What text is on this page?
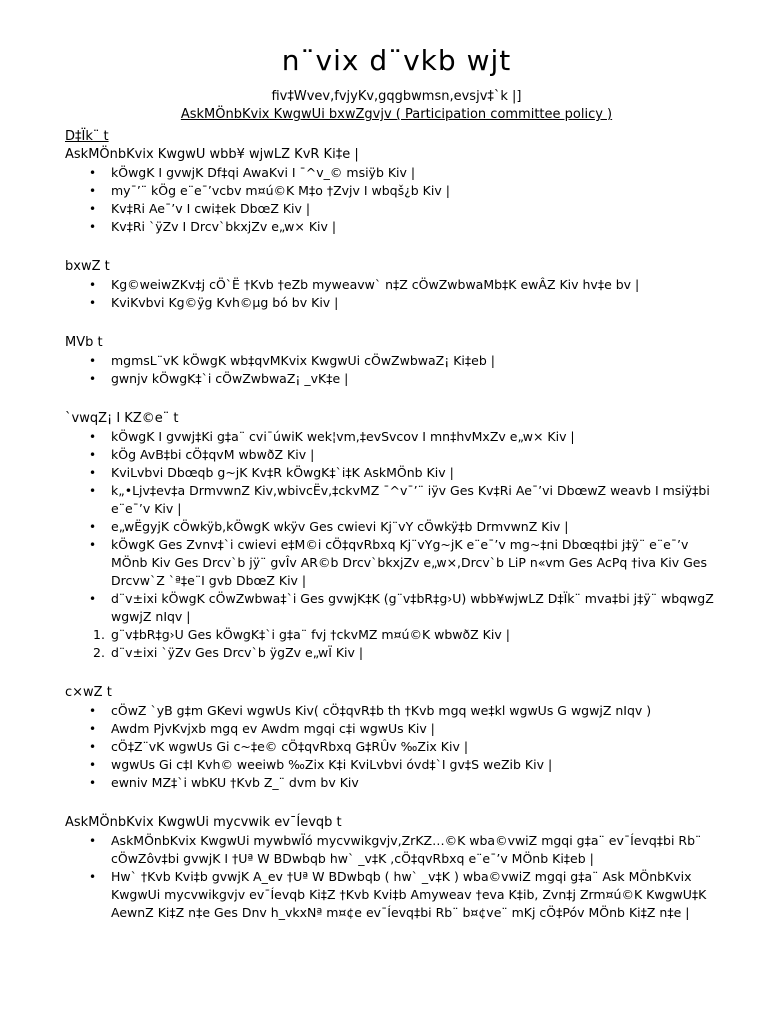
n¨vix d¨vkb wjt
fiv‡Wvev,fvjyKv,gqgbwmsn,evsjv‡`k |]
AskMÖnbKvix KwgwUi bxwZgvjv ( Participation committee policy )
D‡Ïk¨ t
AskMÖnbKvix KwgwU wbb¥ wjwLZ KvR Ki‡e |
• kÖwgK I gvwjK Df‡qi AwaKvi I ¯^v_© msiÿb Kiv |
• my¯’¨ kÖg e¨e¯’vcbv m¤ú©K M‡o †Zvjv I wbqš¿b Kiv |
• Kv‡Ri Ae¯’v I cwi‡ek DbœZ Kiv |
• Kv‡Ri `ÿZv I Drcv`bkxjZv e„w× Kiv |
bxwZ t
• Kg©weiwZKv‡j cÖ`Ë †Kvb †eZb myweavw` n‡Z cÖwZwbwaMb‡K ewÂZ Kiv hv‡e bv |
• KviKvbvi Kg©ÿg Kvh©µg bó bv Kiv |
MVb t
• mgmsL¨vK kÖwgK wb‡qvMKvix KwgwUi cÖwZwbwaZ¡ Ki‡eb |
• gwnjv kÖwgK‡`i cÖwZwbwaZ¡ _vK‡e |
`vwqZ¡ I KZ©e¨ t
• kÖwgK I gvwj‡Ki g‡a¨ cvi¯úwiK wek¦vm,‡evSvcov I mn‡hvMxZv e„w× Kiv |
• kÖg AvB‡bi cÖ‡qvM wbwðZ Kiv |
• KviLvbvi Dbœqb g~jK Kv‡R kÖwgK‡`i‡K AskMÖnb Kiv |
• k„•Ljv‡ev‡a DrmvwnZ Kiv,wbivcËv,‡ckvMZ ¯^v¯’¨ iÿv Ges Kv‡Ri Ae¯’vi DbœwZ weavb I msiÿ‡bi e¨e¯’v Kiv |
• e„wËgyjK cÖwkÿb,kÖwgK wkÿv Ges cwievi Kj¨vY cÖwkÿ‡b DrmvwnZ Kiv |
• kÖwgK Ges Zvnv‡`i cwievi e‡M©i cÖ‡qvRbxq Kj¨vYg~jK e¨e¯’v mg~‡ni Dbœq‡bi j‡ÿ¨ e¨e¯’v MÖnb Kiv Ges Drcv`b jÿ¨ gvÎv AR©b Drcv`bkxjZv e„w×,Drcv`b LiP n«vm Ges AcPq †iva Kiv Ges Drcvw`Z `ª‡e¨I gvb DbœZ Kiv |
• d¨v±ixi kÖwgK cÖwZwbwa‡`i Ges gvwjK‡K (g¨v‡bR‡g›U) wbb¥wjwLZ D‡Ïk¨ mva‡bi j‡ÿ¨ wbqwgZ wgwjZ nIqv |
1. g¨v‡bR‡g›U Ges kÖwgK‡`i g‡a¨ fvj †ckvMZ m¤ú©K wbwðZ Kiv |
2. d¨v±ixi `ÿZv Ges Drcv`b ÿgZv e„wÏ Kiv |
c×wZ t
• cÖwZ `yB g‡m GKevi wgwUs Kiv( cÖ‡qvR‡b th †Kvb mgq we‡kl wgwUs G wgwjZ nIqv )
• Awdm PjvKvjxb mgq ev Awdm mgqi c‡i wgwUs Kiv |
• cÖ‡Z¨vK wgwUs Gi c~‡e© cÖ‡qvRbxq G‡RÛv ‰Zix Kiv |
• wgwUs Gi c‡I Kvh© weeiwb ‰Zix K‡i KviLvbvi óvd‡`I gv‡S weZib Kiv |
• ewniv MZ‡`i wbKU †Kvb Z_¨ dvm bv Kiv
AskMÖnbKvix KwgwUi mycvwik ev¯Íevqb t
• AskMÖnbKvix KwgwUi mywbwÏó mycvwikgvjv,ZrKZ…©K wba©vwiZ mgqi g‡a¨ ev¯Íevq‡bi Rb¨ cÖwZôv‡bi gvwjK I †Uª W BDwbqb hw` _v‡K ,cÖ‡qvRbxq e¨e¯’v MÖnb Ki‡eb |
• Hw` †Kvb Kvi‡b gvwjK A_ev †Uª W BDwbqb ( hw` _v‡K ) wba©vwiZ mgqi g‡a¨ Ask MÖnbKvix KwgwUi mycvwikgvjv ev¯Íevqb Ki‡Z †Kvb Kvi‡b Amyweav †eva K‡ib, Zvn‡j Zrm¤ú©K KwgwU‡K AewnZ Ki‡Z n‡e Ges Dnv h_vkxNª m¤¢e ev¯Íevq‡bi Rb¨ b¤¢ve¨ mKj cÖ‡Póv MÖnb Ki‡Z n‡e |
